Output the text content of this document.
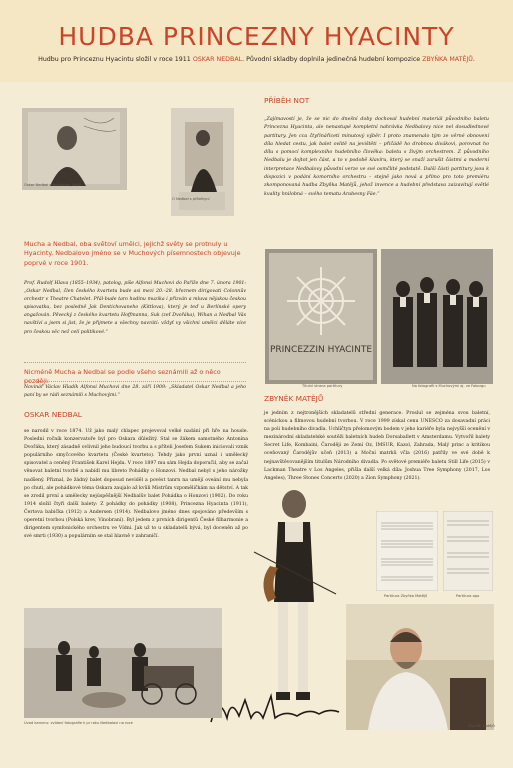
HUDBA PRINCEZNY HYACINTY
Hudbu pro Princeznu Hyacintu složil v roce 1911 OSKAR NEDBAL. Původní skladby doplnila jedinečná hudební kompozice ZBYŇKA MATĚJŮ.
Oskar Nedbal v troufalém, Pařiž
O Nedbal s přítelkyní
PŘÍBĚH NOT
„Zajímavostí je, že se nic do dnešní doby dochoval hudební materiál původního baletu Princezna Hyacinta, ale nenastupé kompletní nahrávka Nedbalovy nice nel dosudlednové partitury. Jen cca čtyřinářiceti minutový výběr. I proto znamenalo tým ze věrné obnovení díla hledat cestu, jak balet ovlitě na jevištěti – přičádě ho drobnou divákovi, porovnat ho dílu s pomocí komplexního hudebního člověka: baletu s živým orchestrem. Z původního Nedbalu je dojtot jen část, a to v podobě klavíru, který se snaží zarušit částmi a moderní interpretace Nedbalovy původní verze ve své osmčlité podstatě. Další části partitury jsou k dispozici v podání komorního orchestru – stejně jako nová a přímo pro toto premiéru zkomponovaná hudba Zbyňka Matějů, jehož invence a hudební představa zaizavitují světlé kvality hnilobná – svého tematu Arabesny Fáe.“
Mucha a Nedbal, oba světoví umělci, jejichž světy se protnuly u Hyacinty. Nedbalovo jméno se v Muchových písemnostech objevuje poprvé v roce 1901.
Prof. Rudolf Hlava (1855–1934), patolog, píše Alfonsi Muchovi do Paříže dne 7. února 1901: „Oskar Nedbal, člen českého kvartetu bude asi mezi 20.–28. březnem dirigovati Colonnův orchestr v Theatre Chatelet. Přál-bude taro hodinu muzika i přizván a mluva nějakou českou spisovatku, bez posledně Jak Dentichovaneho (Kittlova), který je teď u Berlínské opery angažován. Pěvecký z českého kvartetu Hoffmanna, Suk (zeť Dvořáka), Wihan a Nedbal Vás navštíví a jsem si jist, že je přijmete a všechny navrátí: vždyť vy všichni umělci děláte více pro českou věc než celí politikové.“
Nicméně Mucha a Nedbal se podle všeho seznámili až o něco později:
Novinář Václav Hladík Alfonsi Muchovi dne 28. září 1909: „Skladatel Oskar Nedbal a jeho paní by se rádi seznámili s Muchovými.“
PRINCEZZIN HYACINTE
Titulní strana partitury	Na fotografii s Muchovými aj. ve Faborgu
OSKAR NEDBAL
se narodil v roce 1874. Už jako malý chlapec projevoval velké nadání při hře na housle. Poslední ročník konzervatoře byl pro Oskara důležitý. Stal se žákem samotného Antonína Dvořáka, který zásadně ovlivnil jeho budoucí tvorbu a s příteli Josefem Sukem iniciovali vznik populárního smyčcového kvartetu (České kvarteto). Tehdy jako první uznal i umělecký spisovatel a ceněný František Karel Hejda. V roce 1897 mu sám Hejda doporučil, aby se začal věnovat baletní tvorbě a nabídl mu libreto Pohádky o Honzovi. Nedbal nebyl s jeho nárožky nadšený. Přiznal, že žádný balet doposud neviděl a povést tanrn na umějí oveání mu nebyla po chuti, ale pohádkové téma Oskara zaujalo až kvůli Mistrům vzpoměličkám na dětství. A tak se zrodil první a umělecky nejúspěšnější Nedbalův balet Pohádka o Honzovi (1902). Do roku 1914 složil čtyři další balety: Z pohádky do pohádky (1908), Princezna Hyacinta (1911), Čertova babička (1912) a Andersen (1914). Nedbalovo jméno dnes spojováno především s operetní tvorbou (Polská krev, Vinobraní). Byl jedem z prvních dirigentů České filharmonie a dirigentem symfonického orchestru ve Vídni. Jak už to u skladatelů bývá, byl doceněn až po své smrti (1930) a populárním se stal hlavně v zahraničí.
ZBYNĚK MATĚJŮ
je jedním z nejtronějších skladatelů střední generace. Proslul se zejména svou baletní, scénickou a filmovou hudební tvorbou. V roce 1999 získal cenu UNESCO za dosavadní práci na poli hudebního divadla. Uchlíčtyn přelomovým bodem v jeho kariéře byla nejvyšší ocenění v mezinárodní skladatelské soutěži baletních hudeb Dorsaballett v Amsterdamu. Vytvořil balety Secret Life, Kombaini, Čaroději ze Zemí Oz, IMSUR, Kazol, Zahrada, Malý princ a kritikou oceňovaný Čarodějův učeň (2013) a Moční matrků včla (2016) patřily ve své době k nejnavštěvovanějším titulům Národního divadla. Po světové premiéře baletu Still Life (2015) v Lackman Theatre v Los Angeles, přišla další velká díla: Joshua Tree Symphony (2017, Los Angeles), Three Stones Concerto (2020) a Zion Symphony (2021).
Partitura Zbyňka Matějů	Partitura opo
O. Nedbal
Úvod karneru: zvídaní fotografie k pr roku Nedbalovi na roce
Zbyněk Matějů
